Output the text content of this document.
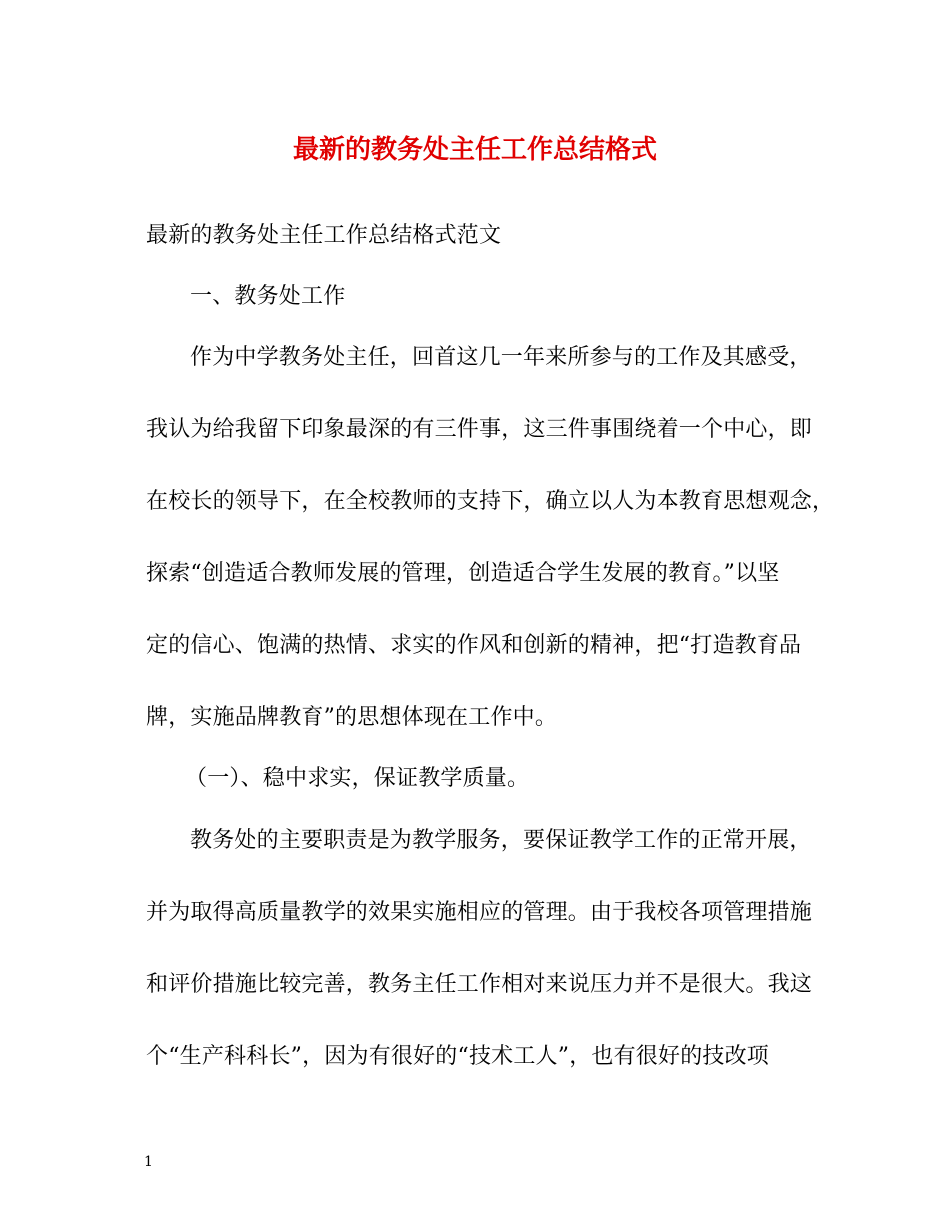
最新的教务处主任工作总结格式
最新的教务处主任工作总结格式范文
一、教务处工作
作为中学教务处主任，回首这几一年来所参与的工作及其感受，
我认为给我留下印象最深的有三件事，这三件事围绕着一个中心，即
在校长的领导下，在全校教师的支持下，确立以人为本教育思想观念，
探索“创造适合教师发展的管理，创造适合学生发展的教育。”以坚
定的信心、饱满的热情、求实的作风和创新的精神，把“打造教育品
牌，实施品牌教育”的思想体现在工作中。
（一）、稳中求实，保证教学质量。
教务处的主要职责是为教学服务，要保证教学工作的正常开展，
并为取得高质量教学的效果实施相应的管理。由于我校各项管理措施
和评价措施比较完善，教务主任工作相对来说压力并不是很大。我这
个“生产科科长”，因为有很好的“技术工人”，也有很好的技改项
1
